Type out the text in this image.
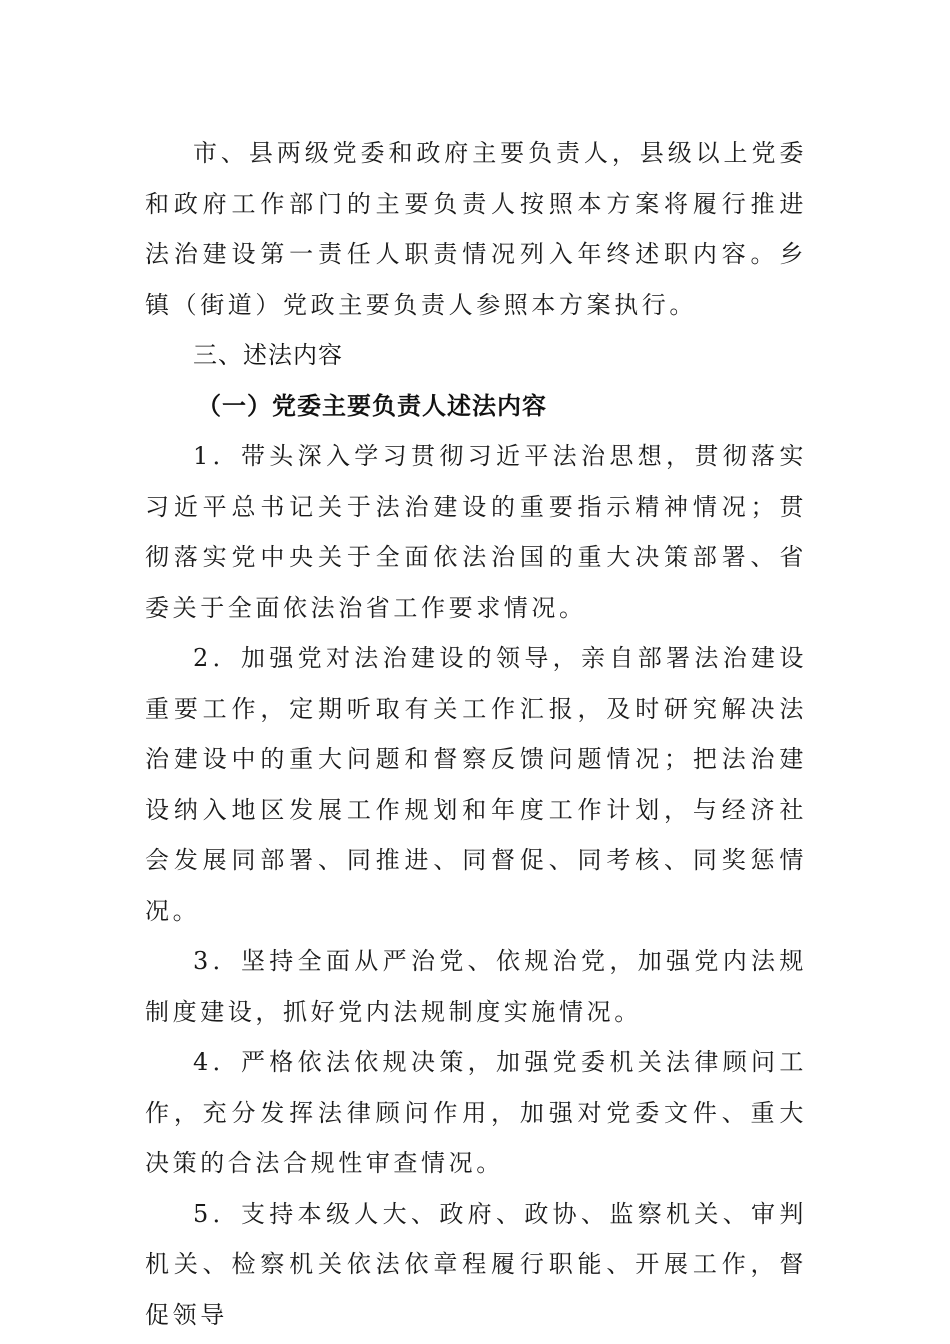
市、县两级党委和政府主要负责人，县级以上党委和政府工作部门的主要负责人按照本方案将履行推进法治建设第一责任人职责情况列入年终述职内容。乡镇（街道）党政主要负责人参照本方案执行。

三、述法内容

（一）党委主要负责人述法内容

1．带头深入学习贯彻习近平法治思想，贯彻落实习近平总书记关于法治建设的重要指示精神情况；贯彻落实党中央关于全面依法治国的重大决策部署、省委关于全面依法治省工作要求情况。

2．加强党对法治建设的领导，亲自部署法治建设重要工作，定期听取有关工作汇报，及时研究解决法治建设中的重大问题和督察反馈问题情况；把法治建设纳入地区发展工作规划和年度工作计划，与经济社会发展同部署、同推进、同督促、同考核、同奖惩情况。

3．坚持全面从严治党、依规治党，加强党内法规制度建设，抓好党内法规制度实施情况。

4．严格依法依规决策，加强党委机关法律顾问工作，充分发挥法律顾问作用，加强对党委文件、重大决策的合法合规性审查情况。

5．支持本级人大、政府、政协、监察机关、审判机关、检察机关依法依章程履行职能、开展工作，督促领导
